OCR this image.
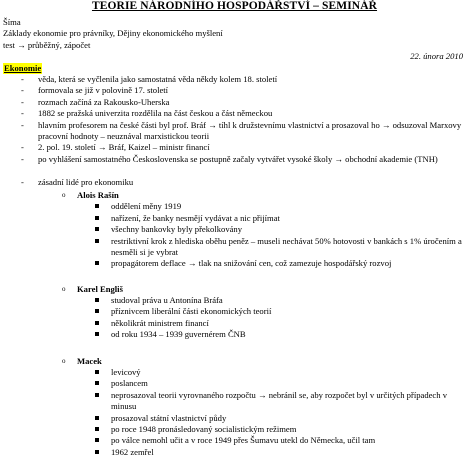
TEORIE NÁRODNÍHO HOSPODÁŘSTVÍ – SEMINÁŘ
Šíma
Základy ekonomie pro právníky, Dějiny ekonomického myšlení
test → průběžný, zápočet
22. února 2010
Ekonomie
- věda, která se vyčlenila jako samostatná věda někdy kolem 18. století
- formovala se již v polovině 17. století
- rozmach začíná za Rakousko-Uherska
- 1882 se pražská univerzita rozdělila na část českou a část německou
- hlavním profesorem na české části byl prof. Bráf → tíhl k družstevnímu vlastnictví a prosazoval ho → odsuzoval Marxovy pracovní hodnoty – neuznával marxistickou teorii
- 2. pol. 19. století → Bráf, Kaizel – ministr financí
- po vyhlášení samostatného Československa se postupně začaly vytvářet vysoké školy → obchodní akademie (TNH)
- zásadní lidé pro ekonomiku
o Alois Rašín
oddělení měny 1919
nařízení, že banky nesmějí vydávat a nic přijímat
všechny bankovky byly překolkovány
restriktivní krok z hlediska oběhu peněz – museli nechávat 50% hotovosti v bankách s 1% úročením a nesměli si je vybrat
propagátorem deflace → tlak na snižování cen, což zamezuje hospodářský rozvoj
o Karel Engliš
studoval práva u Antonína Bráfa
příznivcem liberální části ekonomických teorií
několikrát ministrem financí
od roku 1934 – 1939 guvernérem ČNB
o Macek
levicový
poslancem
neprosazoval teorii vyrovnaného rozpočtu → nebránil se, aby rozpočet byl v určitých případech v minusu
prosazoval státní vlastnictví půdy
po roce 1948 pronásledovaný socialistickým režimem
po válce nemohl učit a v roce 1949 přes Šumavu utekl do Německa, učil tam
1962 zemřel
